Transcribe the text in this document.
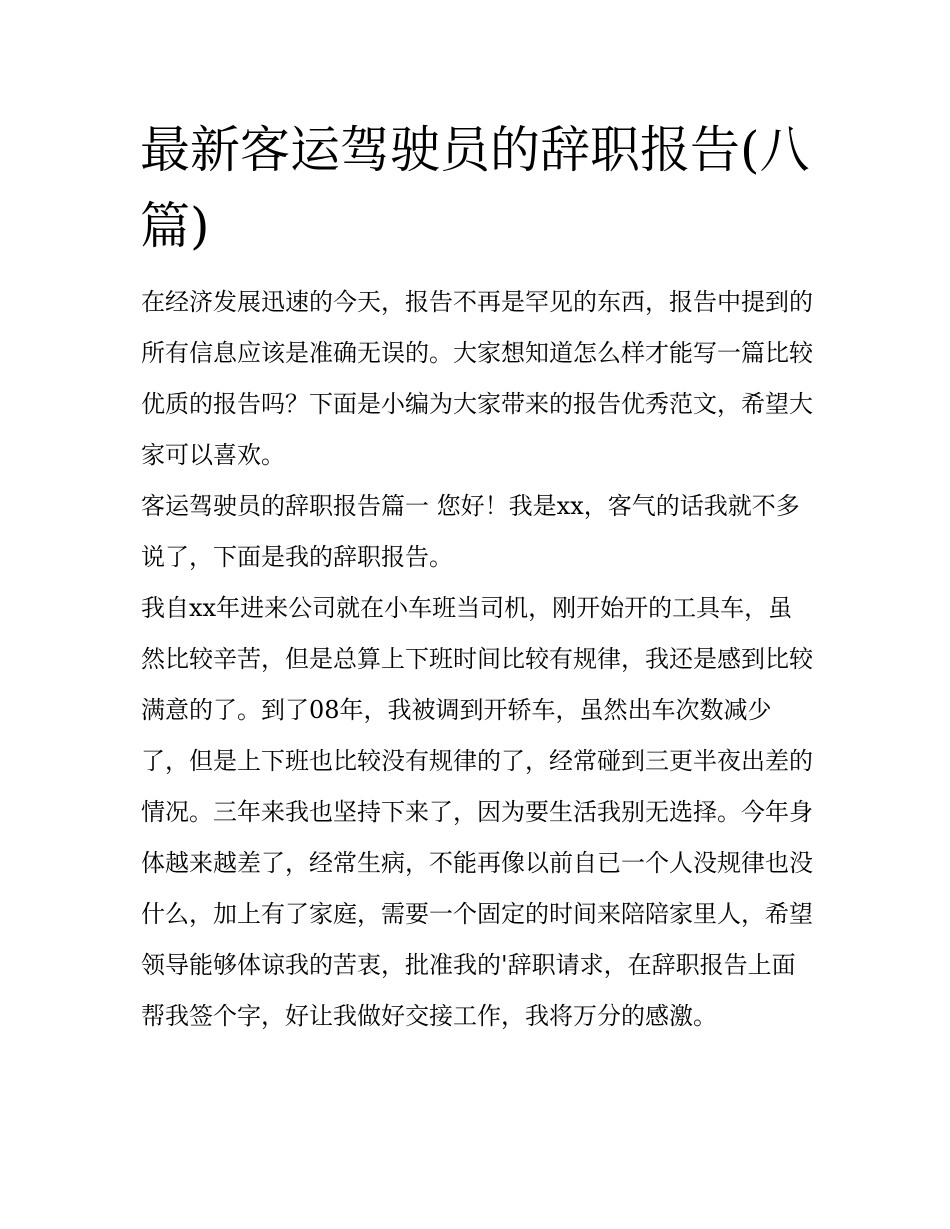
最新客运驾驶员的辞职报告(八篇)

在经济发展迅速的今天，报告不再是罕见的东西，报告中提到的所有信息应该是准确无误的。大家想知道怎么样才能写一篇比较优质的报告吗？下面是小编为大家带来的报告优秀范文，希望大家可以喜欢。

客运驾驶员的辞职报告篇一 您好！我是xx，客气的话我就不多说了，下面是我的辞职报告。

我自xx年进来公司就在小车班当司机，刚开始开的工具车，虽然比较辛苦，但是总算上下班时间比较有规律，我还是感到比较满意的了。到了08年，我被调到开轿车，虽然出车次数减少了，但是上下班也比较没有规律的了，经常碰到三更半夜出差的情况。三年来我也坚持下来了，因为要生活我别无选择。今年身体越来越差了，经常生病，不能再像以前自已一个人没规律也没什么，加上有了家庭，需要一个固定的时间来陪陪家里人，希望领导能够体谅我的苦衷，批准我的'辞职请求，在辞职报告上面帮我签个字，好让我做好交接工作，我将万分的感激。
